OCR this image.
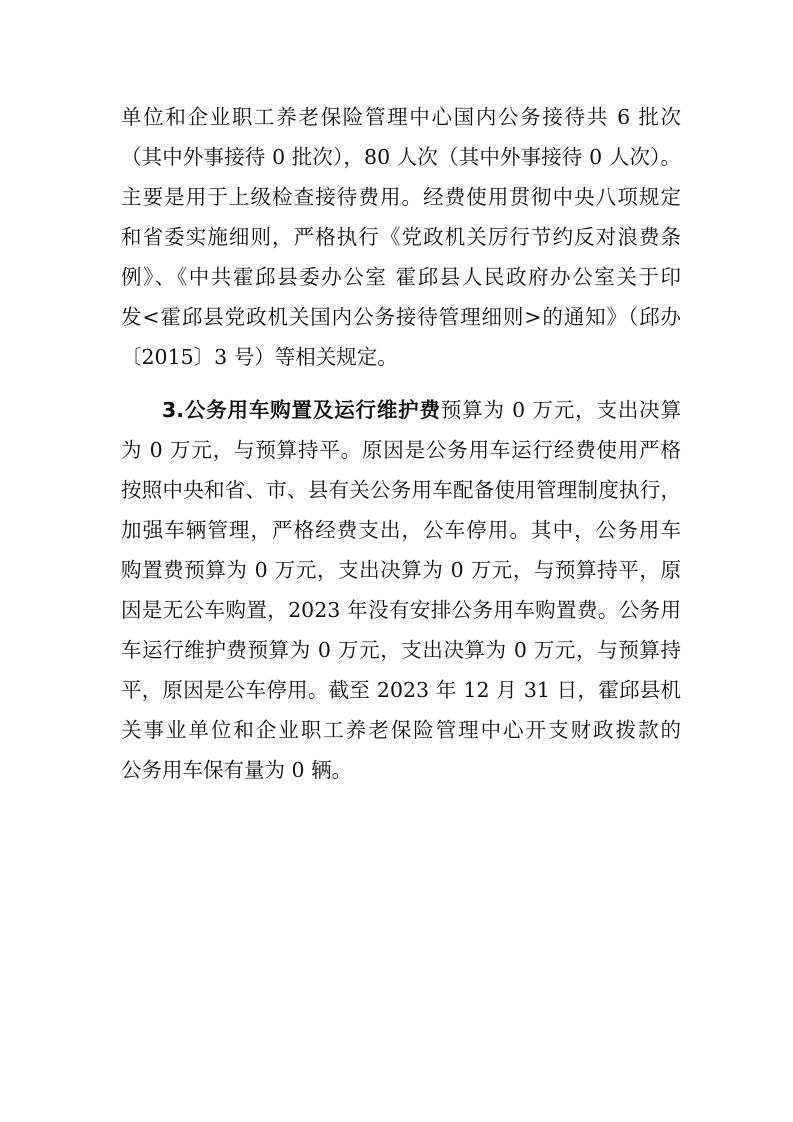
单位和企业职工养老保险管理中心国内公务接待共 6 批次
（其中外事接待 0 批次），80 人次（其中外事接待 0 人次）。
主要是用于上级检查接待费用。经费使用贯彻中央八项规定
和省委实施细则，严格执行《党政机关厉行节约反对浪费条
例》、《中共霍邱县委办公室 霍邱县人民政府办公室关于印
发<霍邱县党政机关国内公务接待管理细则>的通知》（邱办
〔2015〕3 号）等相关规定。
3.公务用车购置及运行维护费预算为 0 万元，支出决算
为 0 万元，与预算持平。原因是公务用车运行经费使用严格
按照中央和省、市、县有关公务用车配备使用管理制度执行，
加强车辆管理，严格经费支出，公车停用。其中，公务用车
购置费预算为 0 万元，支出决算为 0 万元，与预算持平，原
因是无公车购置，2023 年没有安排公务用车购置费。公务用
车运行维护费预算为 0 万元，支出决算为 0 万元，与预算持
平，原因是公车停用。截至 2023 年 12 月 31 日，霍邱县机
关事业单位和企业职工养老保险管理中心开支财政拨款的
公务用车保有量为 0 辆。
